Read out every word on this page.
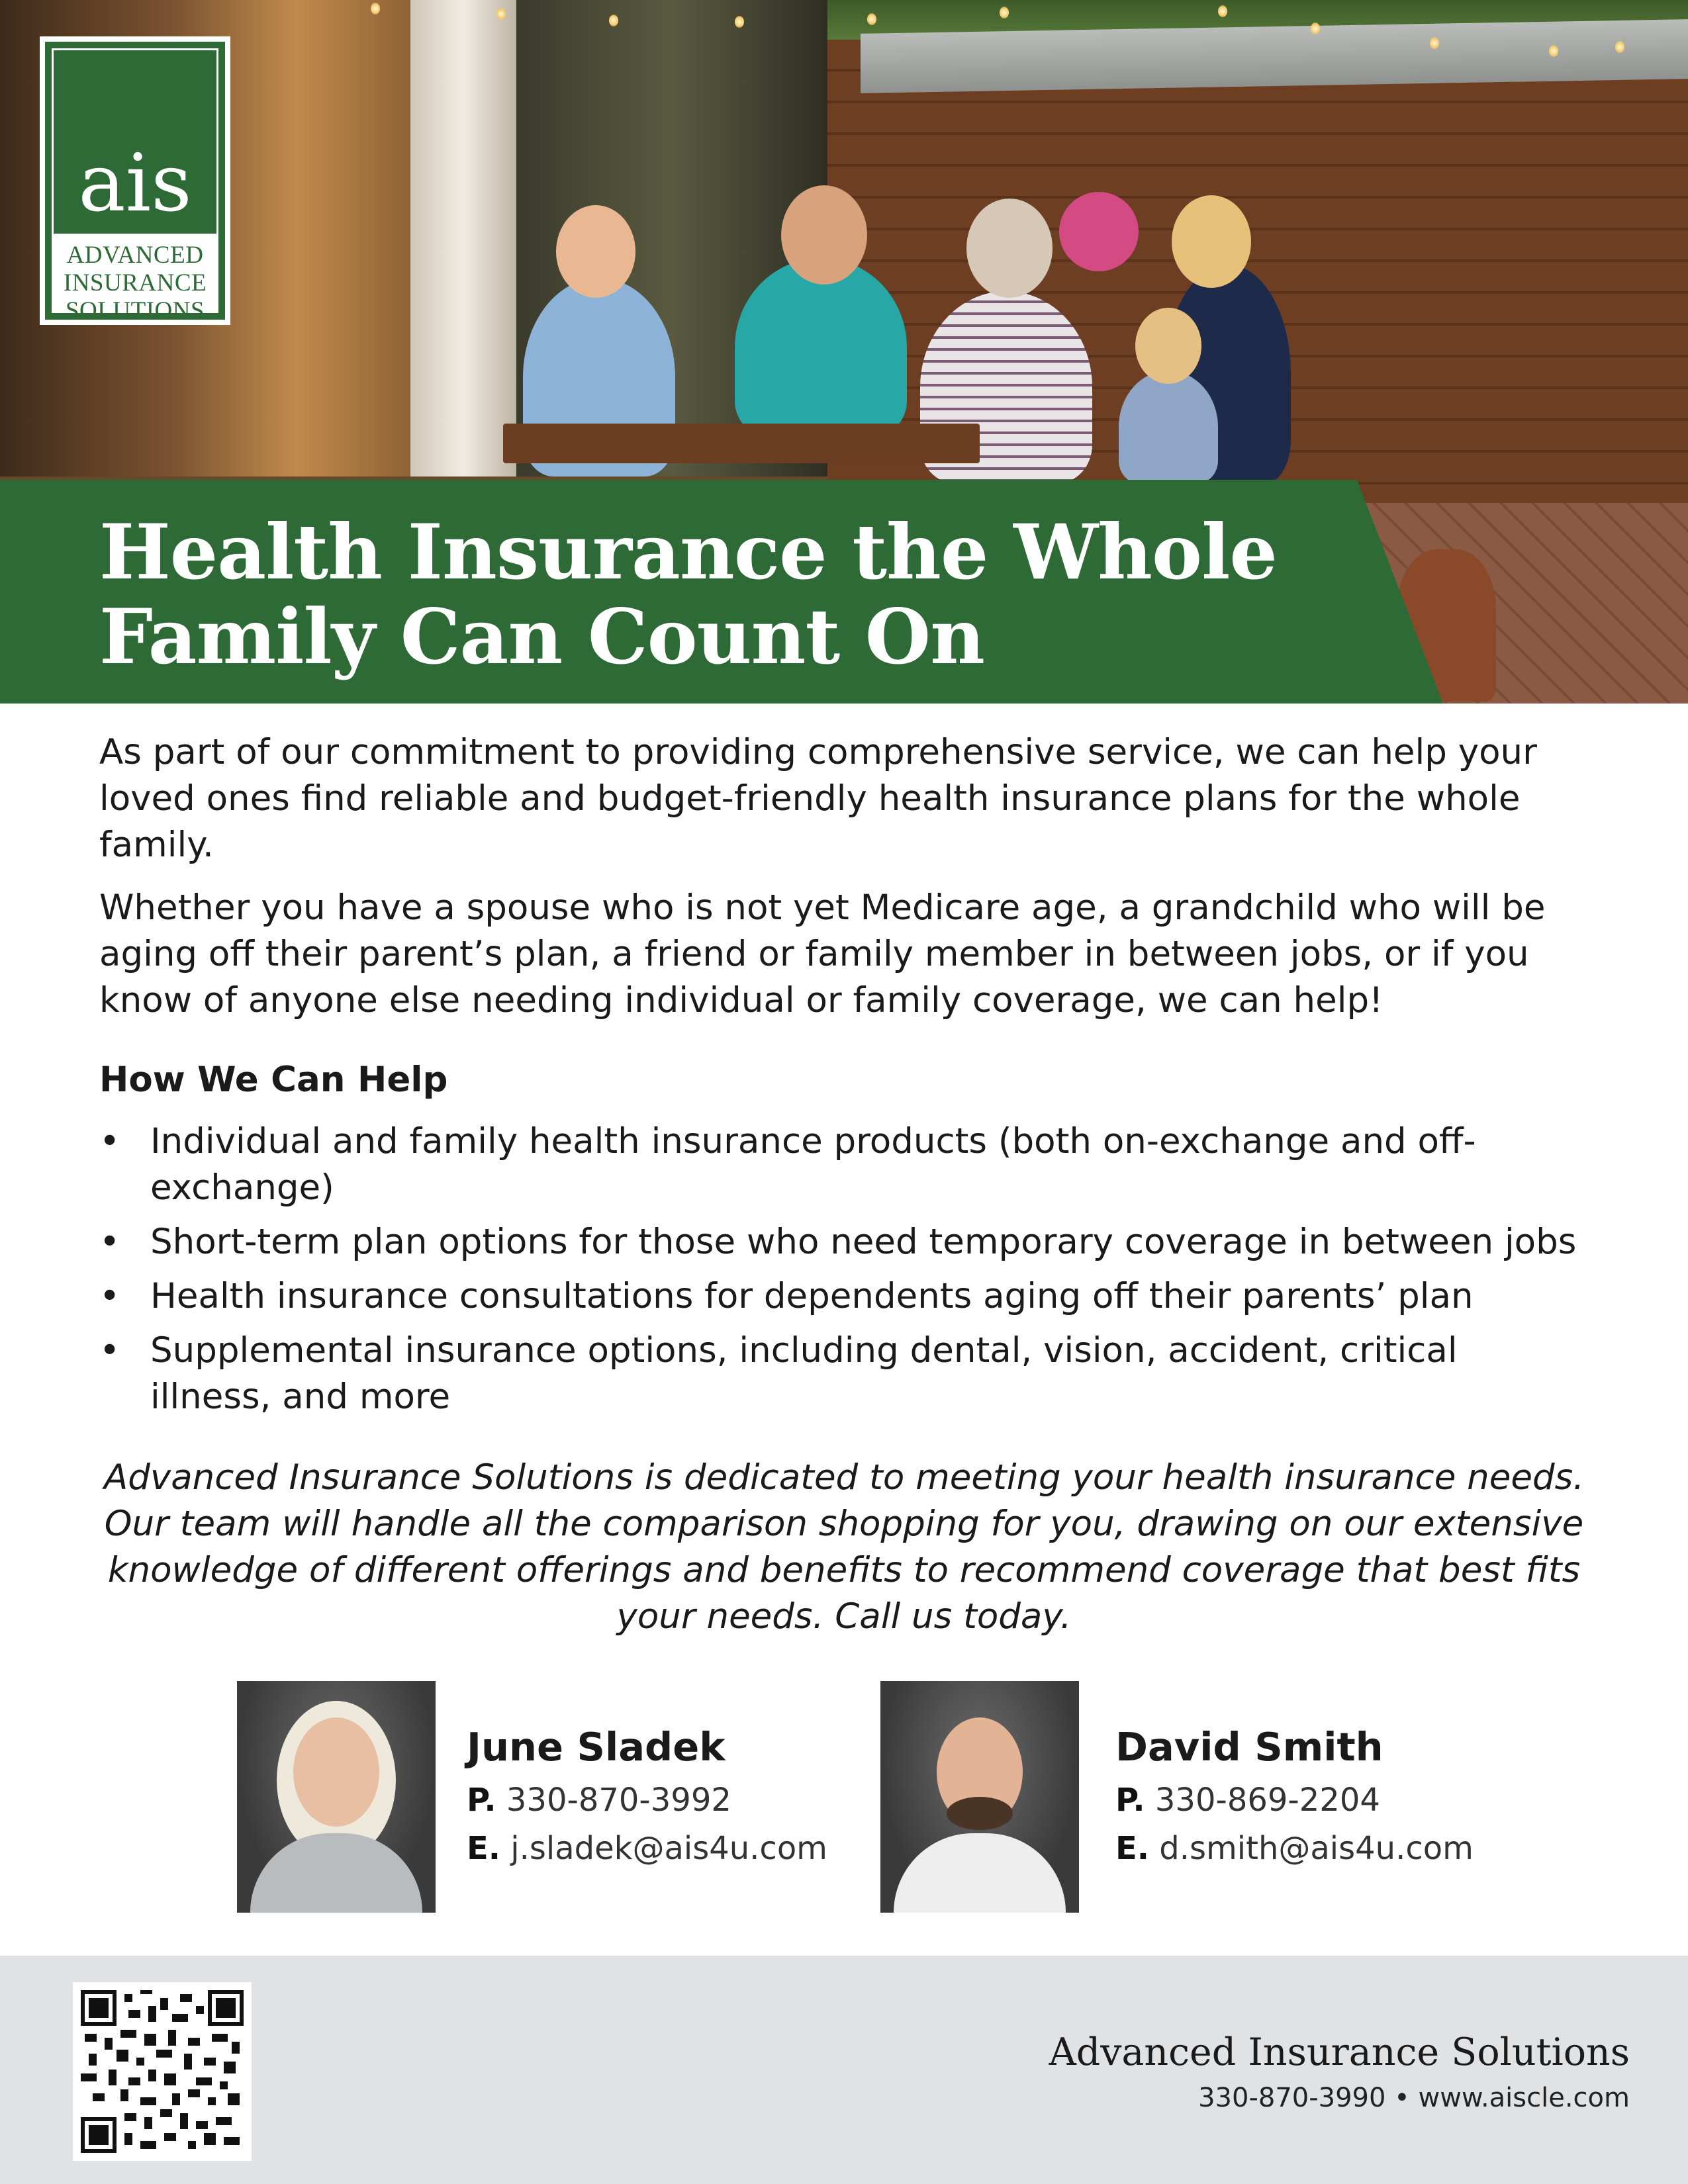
ais
ADVANCED
INSURANCE
SOLUTIONS
Health Insurance the Whole
Family Can Count On

As part of our commitment to providing comprehensive service, we can help your loved ones find reliable and budget-friendly health insurance plans for the whole family.

Whether you have a spouse who is not yet Medicare age, a grandchild who will be aging off their parent’s plan, a friend or family member in between jobs, or if you know of anyone else needing individual or family coverage, we can help!

How We Can Help
• Individual and family health insurance products (both on-exchange and off-exchange)
• Short-term plan options for those who need temporary coverage in between jobs
• Health insurance consultations for dependents aging off their parents’ plan
• Supplemental insurance options, including dental, vision, accident, critical illness, and more

Advanced Insurance Solutions is dedicated to meeting your health insurance needs. Our team will handle all the comparison shopping for you, drawing on our extensive knowledge of different offerings and benefits to recommend coverage that best fits your needs. Call us today.

June Sladek
P. 330-870-3992
E. j.sladek@ais4u.com
David Smith
P. 330-869-2204
E. d.smith@ais4u.com
Advanced Insurance Solutions
330-870-3990 • www.aiscle.com
